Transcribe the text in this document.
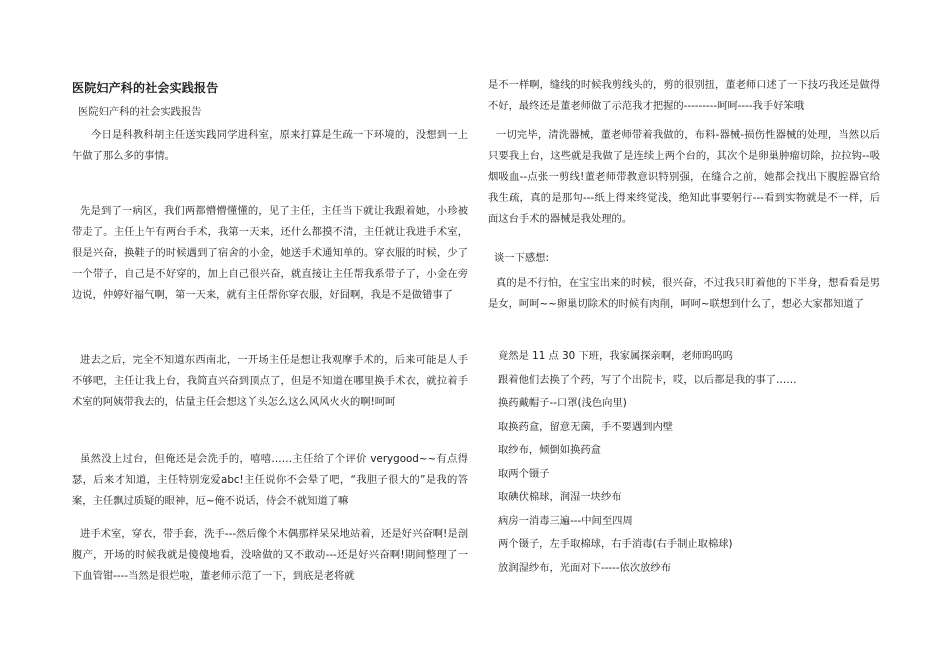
医院妇产科的社会实践报告
医院妇产科的社会实践报告

今日是科教科胡主任送实践同学进科室，原来打算是生疏一下环境的，没想到一上午做了那么多的事情。

先是到了一病区，我们两都懵懵懂懂的，见了主任，主任当下就让我跟着她，小珍被带走了。主任上午有两台手术，我第一天来，还什么都摸不清，主任就让我进手术室，很是兴奋，换鞋子的时候遇到了宿舍的小金，她送手术通知单的。穿衣服的时候，少了一个带子，自己是不好穿的，加上自己很兴奋，就直接让主任帮我系带子了，小金在旁边说，仲婷好福气啊，第一天来，就有主任帮你穿衣服，好囧啊，我是不是做错事了

进去之后，完全不知道东西南北，一开场主任是想让我观摩手术的，后来可能是人手不够吧，主任让我上台，我简直兴奋到顶点了，但是不知道在哪里换手术衣，就拉着手术室的阿姨带我去的，估量主任会想这丫头怎么这么风风火火的啊!呵呵

虽然没上过台，但俺还是会洗手的，嘻嘻……主任给了个评价 verygood~~有点得瑟，后来才知道，主任特别宠爱abc!主任说你不会晕了吧，“我胆子很大的”是我的答案，主任飘过质疑的眼神，厄~俺不说话，侍会不就知道了嘛

进手术室，穿衣，带手套，洗手---然后像个木偶那样呆呆地站着，还是好兴奋啊!是剖腹产，开场的时候我就是傻傻地看，没啥做的又不敢动---还是好兴奋啊!期间整理了一下血管钳----当然是很烂啦，董老师示范了一下，到底是老将就

是不一样啊，缝线的时候我剪线头的，剪的很别扭，董老师口述了一下技巧我还是做得不好，最终还是董老师做了示范我才把握的---------呵呵----我手好笨哦

一切完毕，清洗器械，董老师带着我做的，布料-器械-损伤性器械的处理，当然以后只要我上台，这些就是我做了是连续上两个台的，其次个是卵巢肿瘤切除，拉拉钩--吸烟吸血--点张一剪线!董老师带教意识特别强，在缝合之前，她都会找出下腹腔器官给我生疏，真的是那句---纸上得来终觉浅，绝知此事要躬行---看到实物就是不一样，后面这台手术的器械是我处理的。

谈一下感想:

真的是不行怕，在宝宝出来的时候，很兴奋，不过我只盯着他的下半身，想看看是男是女，呵呵~~卵巢切除术的时候有肉削，呵呵~联想到什么了，想必大家都知道了

竟然是 11 点 30 下班，我家属探亲啊，老师呜呜呜
跟着他们去换了个药，写了个出院卡，哎，以后都是我的事了……
换药戴帽子--口罩(浅色向里)
取换药盒，留意无菌，手不要遇到内壁
取纱布，倾倒如换药盒
取两个镊子
取碘伏棉球，润湿一块纱布
病房一消毒三遍---中间至四周
两个镊子，左手取棉球，右手消毒(右手制止取棉球)
放润湿纱布，光面对下-----依次放纱布
